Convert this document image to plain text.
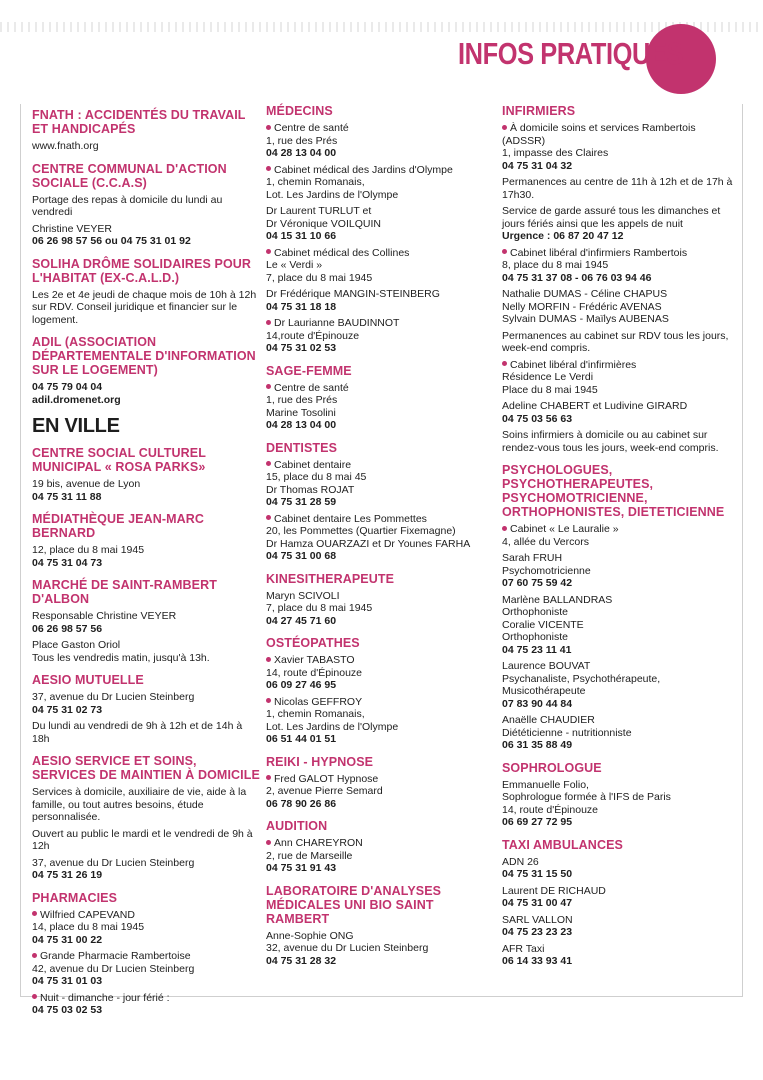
INFOS PRATIQUES
FNATH : ACCIDENTÉS DU TRAVAIL ET HANDICAPÉS
www.fnath.org
CENTRE COMMUNAL D'ACTION SOCIALE (C.C.A.S)
Portage des repas à domicile du lundi au vendredi
Christine VEYER
06 26 98 57 56 ou 04 75 31 01 92
SOLIHA DRÔME SOLIDAIRES POUR L'HABITAT (EX-C.A.L.D.)
Les 2e et 4e jeudi de chaque mois de 10h à 12h sur RDV. Conseil juridique et financier sur le logement.
ADIL (ASSOCIATION DÉPARTEMENTALE D'INFORMATION SUR LE LOGEMENT)
04 75 79 04 04
adil.dromenet.org
EN VILLE
CENTRE SOCIAL CULTUREL MUNICIPAL « ROSA PARKS»
19 bis, avenue de Lyon
04 75 31 11 88
MÉDIATHÈQUE JEAN-MARC BERNARD
12, place du 8 mai 1945
04 75 31 04 73
MARCHÉ DE SAINT-RAMBERT D'ALBON
Responsable Christine VEYER
06 26 98 57 56
Place Gaston Oriol
Tous les vendredis matin, jusqu'à 13h.
AESIO MUTUELLE
37, avenue du Dr Lucien Steinberg
04 75 31 02 73
Du lundi au vendredi de 9h à 12h et de 14h à 18h
AESIO SERVICE ET SOINS, SERVICES DE MAINTIEN À DOMICILE
Services à domicile, auxiliaire de vie, aide à la famille, ou tout autres besoins, étude personnalisée.
Ouvert au public le mardi et le vendredi de 9h à 12h
37, avenue du Dr Lucien Steinberg
04 75 31 26 19
PHARMACIES
Wilfried CAPEVAND
14, place du 8 mai 1945
04 75 31 00 22
Grande Pharmacie Rambertoise
42, avenue du Dr Lucien Steinberg
04 75 31 01 03
Nuit - dimanche - jour férié :
04 75 03 02 53
MÉDECINS
Centre de santé
1, rue des Prés
04 28 13 04 00
Cabinet médical des Jardins d'Olympe
1, chemin Romanais,
Lot. Les Jardins de l'Olympe
Dr Laurent TURLUT et
Dr Véronique VOILQUIN
04 15 31 10 66
Cabinet médical des Collines
Le « Verdi »
7, place du 8 mai 1945
Dr Frédérique MANGIN-STEINBERG
04 75 31 18 18
Dr Laurianne BAUDINNOT
14,route d'Épinouze
04 75 31 02 53
SAGE-FEMME
Centre de santé
1, rue des Prés
Marine Tosolini
04 28 13 04 00
DENTISTES
Cabinet dentaire
15, place du 8 mai 45
Dr Thomas ROJAT
04 75 31 28 59
Cabinet dentaire Les Pommettes
20, les Pommettes (Quartier Fixemagne)
Dr Hamza OUARZAZI et Dr Younes FARHA
04 75 31 00 68
KINESITHERAPEUTE
Maryn SCIVOLI
7, place du 8 mai 1945
04 27 45 71 60
OSTÉOPATHES
Xavier TABASTO
14, route d'Épinouze
06 09 27 46 95
Nicolas GEFFROY
1, chemin Romanais,
Lot. Les Jardins de l'Olympe
06 51 44 01 51
REIKI - HYPNOSE
Fred GALOT Hypnose
2, avenue Pierre Semard
06 78 90 26 86
AUDITION
Ann CHAREYRON
2, rue de Marseille
04 75 31 91 43
LABORATOIRE D'ANALYSES MÉDICALES UNI BIO SAINT RAMBERT
Anne-Sophie ONG
32, avenue du Dr Lucien Steinberg
04 75 31 28 32
INFIRMIERS
À domicile soins et services Rambertois (ADSSR)
1, impasse des Claires
04 75 31 04 32
Permanences au centre de 11h à 12h et de 17h à 17h30.
Service de garde assuré tous les dimanches et jours fériés ainsi que les appels de nuit
Urgence : 06 87 20 47 12
Cabinet libéral d'infirmiers Rambertois
8, place du 8 mai 1945
04 75 31 37 08 - 06 76 03 94 46
Nathalie DUMAS - Céline CHAPUS
Nelly MORFIN - Frédéric AVENAS
Sylvain DUMAS - Maïlys AUBENAS
Permanences au cabinet sur RDV tous les jours, week-end compris.
Cabinet libéral d'infirmières
Résidence Le Verdi
Place du 8 mai 1945
Adeline CHABERT et Ludivine GIRARD
04 75 03 56 63
Soins infirmiers à domicile ou au cabinet sur rendez-vous tous les jours, week-end compris.
PSYCHOLOGUES, PSYCHOTHERAPEUTES, PSYCHOMOTRICIENNE, ORTHOPHONISTES, DIETETICIENNE
Cabinet « Le Lauralie »
4, allée du Vercors
Sarah FRUH
Psychomotricienne
07 60 75 59 42
Marlène BALLANDRAS
Orthophoniste
Coralie VICENTE
Orthophoniste
04 75 23 11 41
Laurence BOUVAT
Psychanaliste, Psychothérapeute,
Musicothérapeute
07 83 90 44 84
Anaëlle CHAUDIER
Diététicienne - nutritionniste
06 31 35 88 49
SOPHROLOGUE
Emmanuelle Folio,
Sophrologue formée à l'IFS de Paris
14, route d'Épinouze
06 69 27 72 95
TAXI AMBULANCES
ADN 26
04 75 31 15 50
Laurent DE RICHAUD
04 75 31 00 47
SARL VALLON
04 75 23 23 23
AFR Taxi
06 14 33 93 41
